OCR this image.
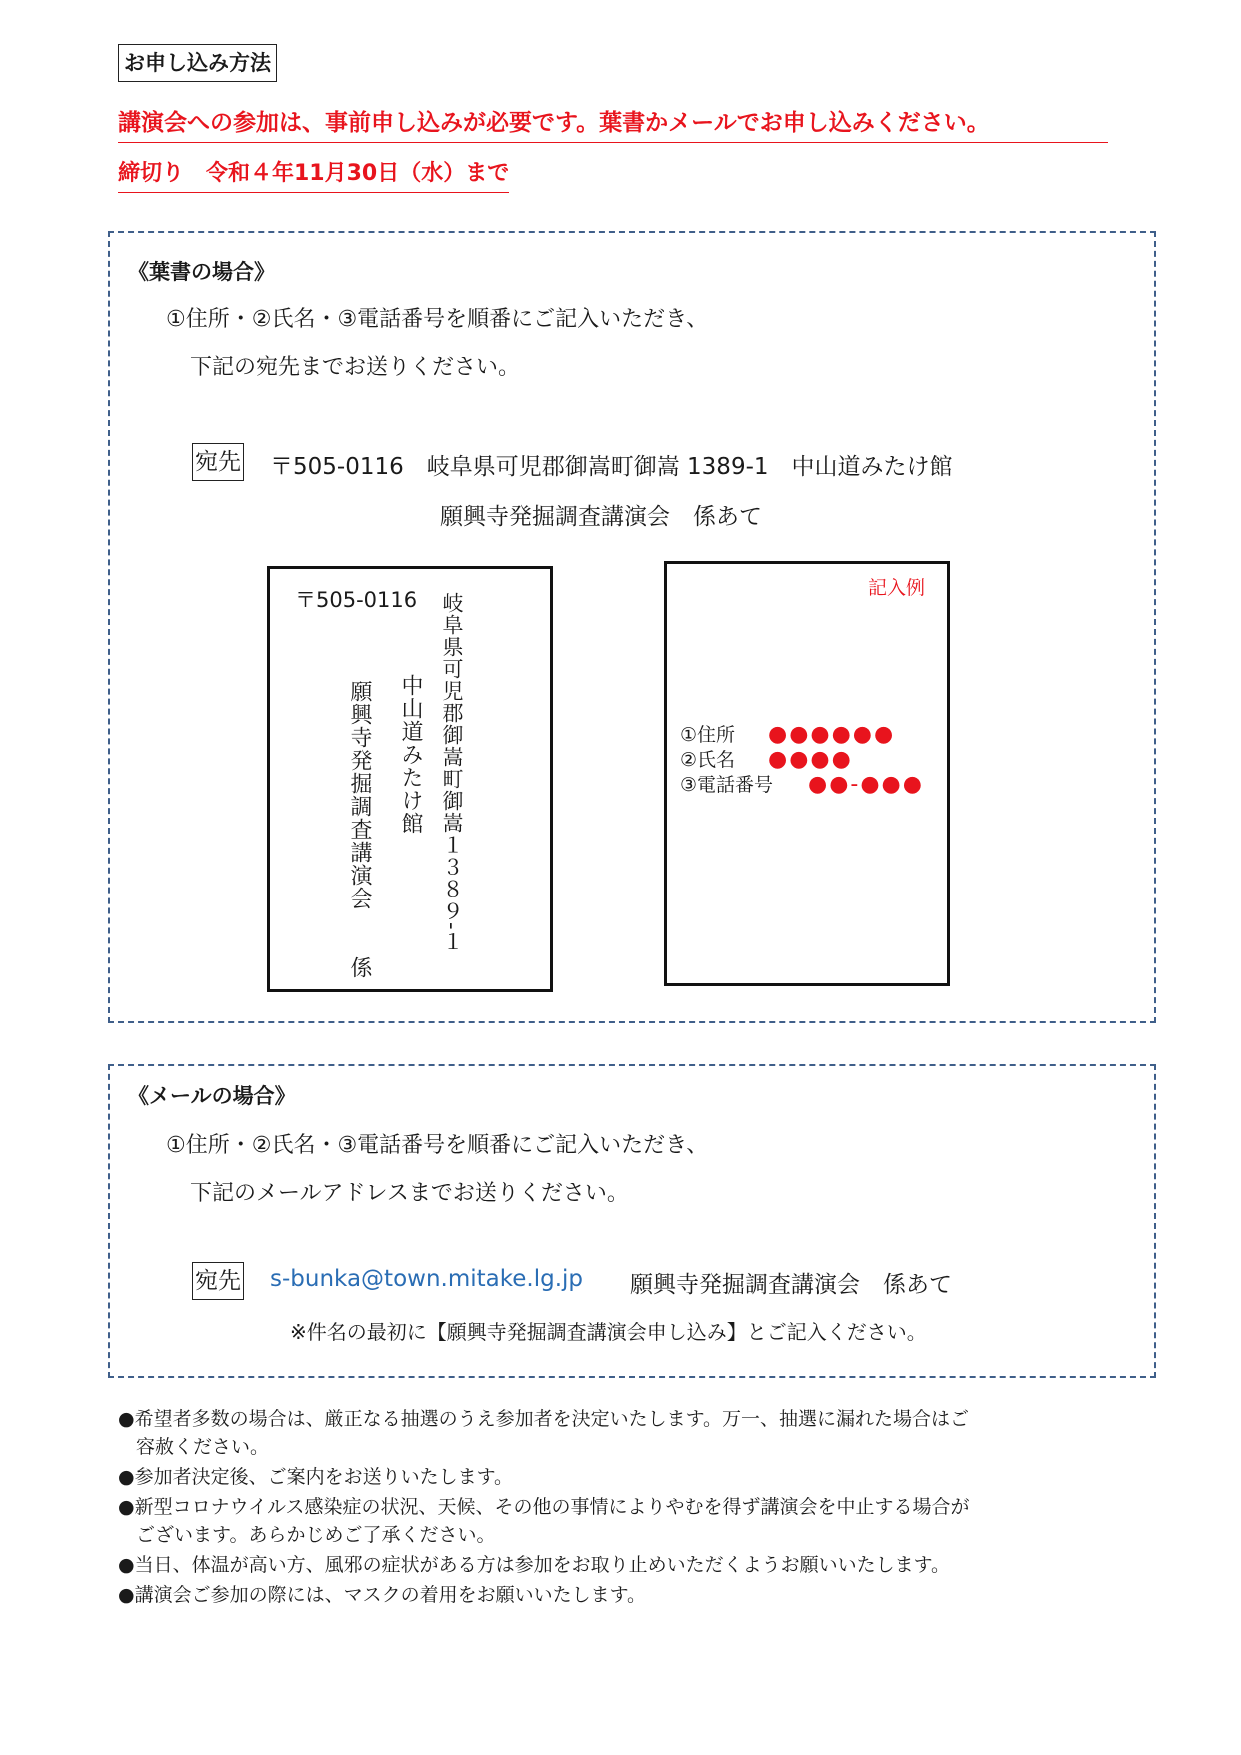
お申し込み方法
講演会への参加は、事前申し込みが必要です。葉書かメールでお申し込みください。
締切り　令和４年11月30日（水）まで
《葉書の場合》
①住所・②氏名・③電話番号を順番にご記入いただき、
下記の宛先までお送りください。
宛先 〒505-0116　岐阜県可児郡御嵩町御嵩 1389-1　中山道みたけ館
願興寺発掘調査講演会　係あて
〒505-0116 岐阜県可児郡御嵩町御嵩１３８９‐１
中山道みたけ館
願興寺発掘調査講演会　　係
記入例
①住所 ●●●●●●
②氏名 ●●●●
③電話番号 ●●-●●●
《メールの場合》
①住所・②氏名・③電話番号を順番にご記入いただき、
下記のメールアドレスまでお送りください。
宛先 s-bunka@town.mitake.lg.jp 願興寺発掘調査講演会　係あて
※件名の最初に【願興寺発掘調査講演会申し込み】とご記入ください。
●希望者多数の場合は、厳正なる抽選のうえ参加者を決定いたします。万一、抽選に漏れた場合はご
容赦ください。
●参加者決定後、ご案内をお送りいたします。
●新型コロナウイルス感染症の状況、天候、その他の事情によりやむを得ず講演会を中止する場合が
ございます。あらかじめご了承ください。
●当日、体温が高い方、風邪の症状がある方は参加をお取り止めいただくようお願いいたします。
●講演会ご参加の際には、マスクの着用をお願いいたします。
